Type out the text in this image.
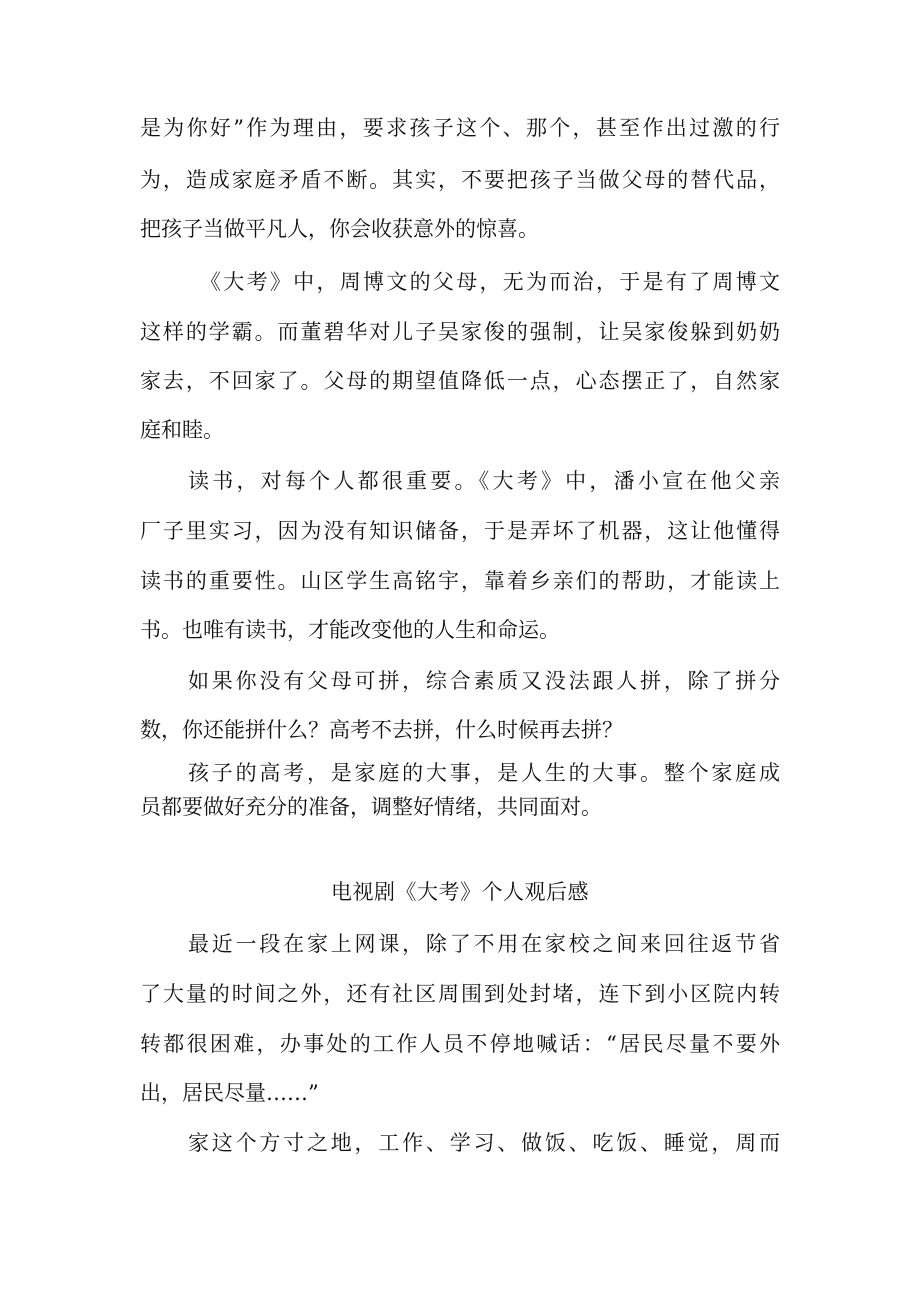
是为你好”作为理由，要求孩子这个、那个，甚至作出过激的行
为，造成家庭矛盾不断。其实，不要把孩子当做父母的替代品，
把孩子当做平凡人，你会收获意外的惊喜。
《大考》中，周博文的父母，无为而治，于是有了周博文
这样的学霸。而董碧华对儿子吴家俊的强制，让吴家俊躲到奶奶
家去，不回家了。父母的期望值降低一点，心态摆正了，自然家
庭和睦。
读书，对每个人都很重要。《大考》中，潘小宣在他父亲
厂子里实习，因为没有知识储备，于是弄坏了机器，这让他懂得
读书的重要性。山区学生高铭宇，靠着乡亲们的帮助，才能读上
书。也唯有读书，才能改变他的人生和命运。
如果你没有父母可拼，综合素质又没法跟人拼，除了拼分
数，你还能拼什么？高考不去拼，什么时候再去拼？
孩子的高考，是家庭的大事，是人生的大事。整个家庭成
员都要做好充分的准备，调整好情绪，共同面对。
电视剧《大考》个人观后感
最近一段在家上网课，除了不用在家校之间来回往返节省
了大量的时间之外，还有社区周围到处封堵，连下到小区院内转
转都很困难，办事处的工作人员不停地喊话：“居民尽量不要外
出，居民尽量……”
家这个方寸之地，工作、学习、做饭、吃饭、睡觉，周而
